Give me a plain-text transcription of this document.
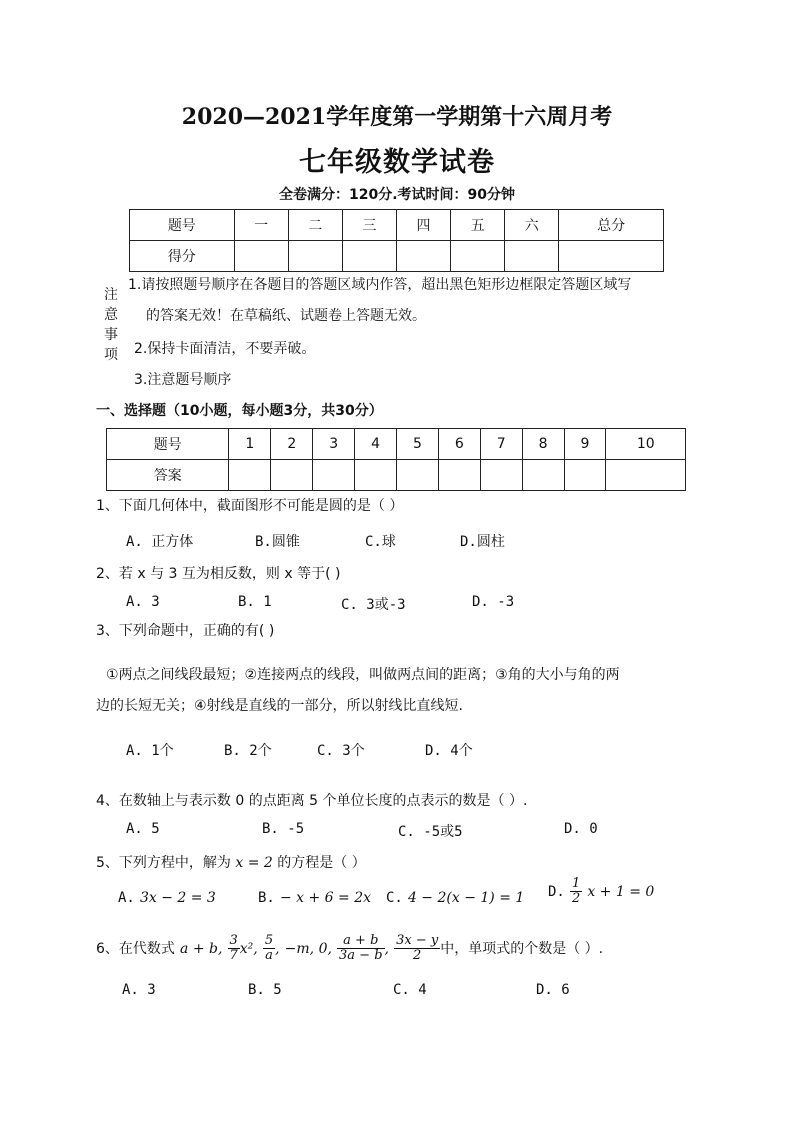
2020—2021学年度第一学期第十六周月考
七年级数学试卷
全卷满分：120分.考试时间：90分钟
题号	一	二	三	四	五	六	总分
得分							
注
意
事
项
1.请按照题号顺序在各题目的答题区域内作答，超出黑色矩形边框限定答题区域写
的答案无效！在草稿纸、试题卷上答题无效。
2.保持卡面清洁，不要弄破。
3.注意题号顺序
一、选择题（10小题，每小题3分，共30分）
题号	1	2	3	4	5	6	7	8	9	10
答案										
1、下面几何体中，截面图形不可能是圆的是（ ）
A. 正方体	B.圆锥	C.球	D.圆柱
2、若 x 与 3 互为相反数，则 x 等于( )
A. 3	B. 1	C. 3或-3	D. -3
3、下列命题中，正确的有( )
①两点之间线段最短；②连接两点的线段，叫做两点间的距离；③角的大小与角的两
边的长短无关；④射线是直线的一部分，所以射线比直线短.
A. 1个	B. 2个	C. 3个	D. 4个
4、在数轴上与表示数 0 的点距离 5 个单位长度的点表示的数是（ ）.
A. 5	B. -5	C. -5或5	D. 0
5、下列方程中，解为 x = 2 的方程是（ ）
A. 3x − 2 = 3	B. − x + 6 = 2x C. 4 − 2(x − 1) = 1 D. $\frac{1}{2}$ x + 1 = 0
6、在代数式 a + b, $\frac{3}{7} x^2$, $\frac{5}{a}$ , −m, 0, $\frac{a + b}{3a - b}$ , $\frac{3x - y}{2}$ 中，单项式的个数是（ ）.
A. 3	B. 5	C. 4	D. 6
